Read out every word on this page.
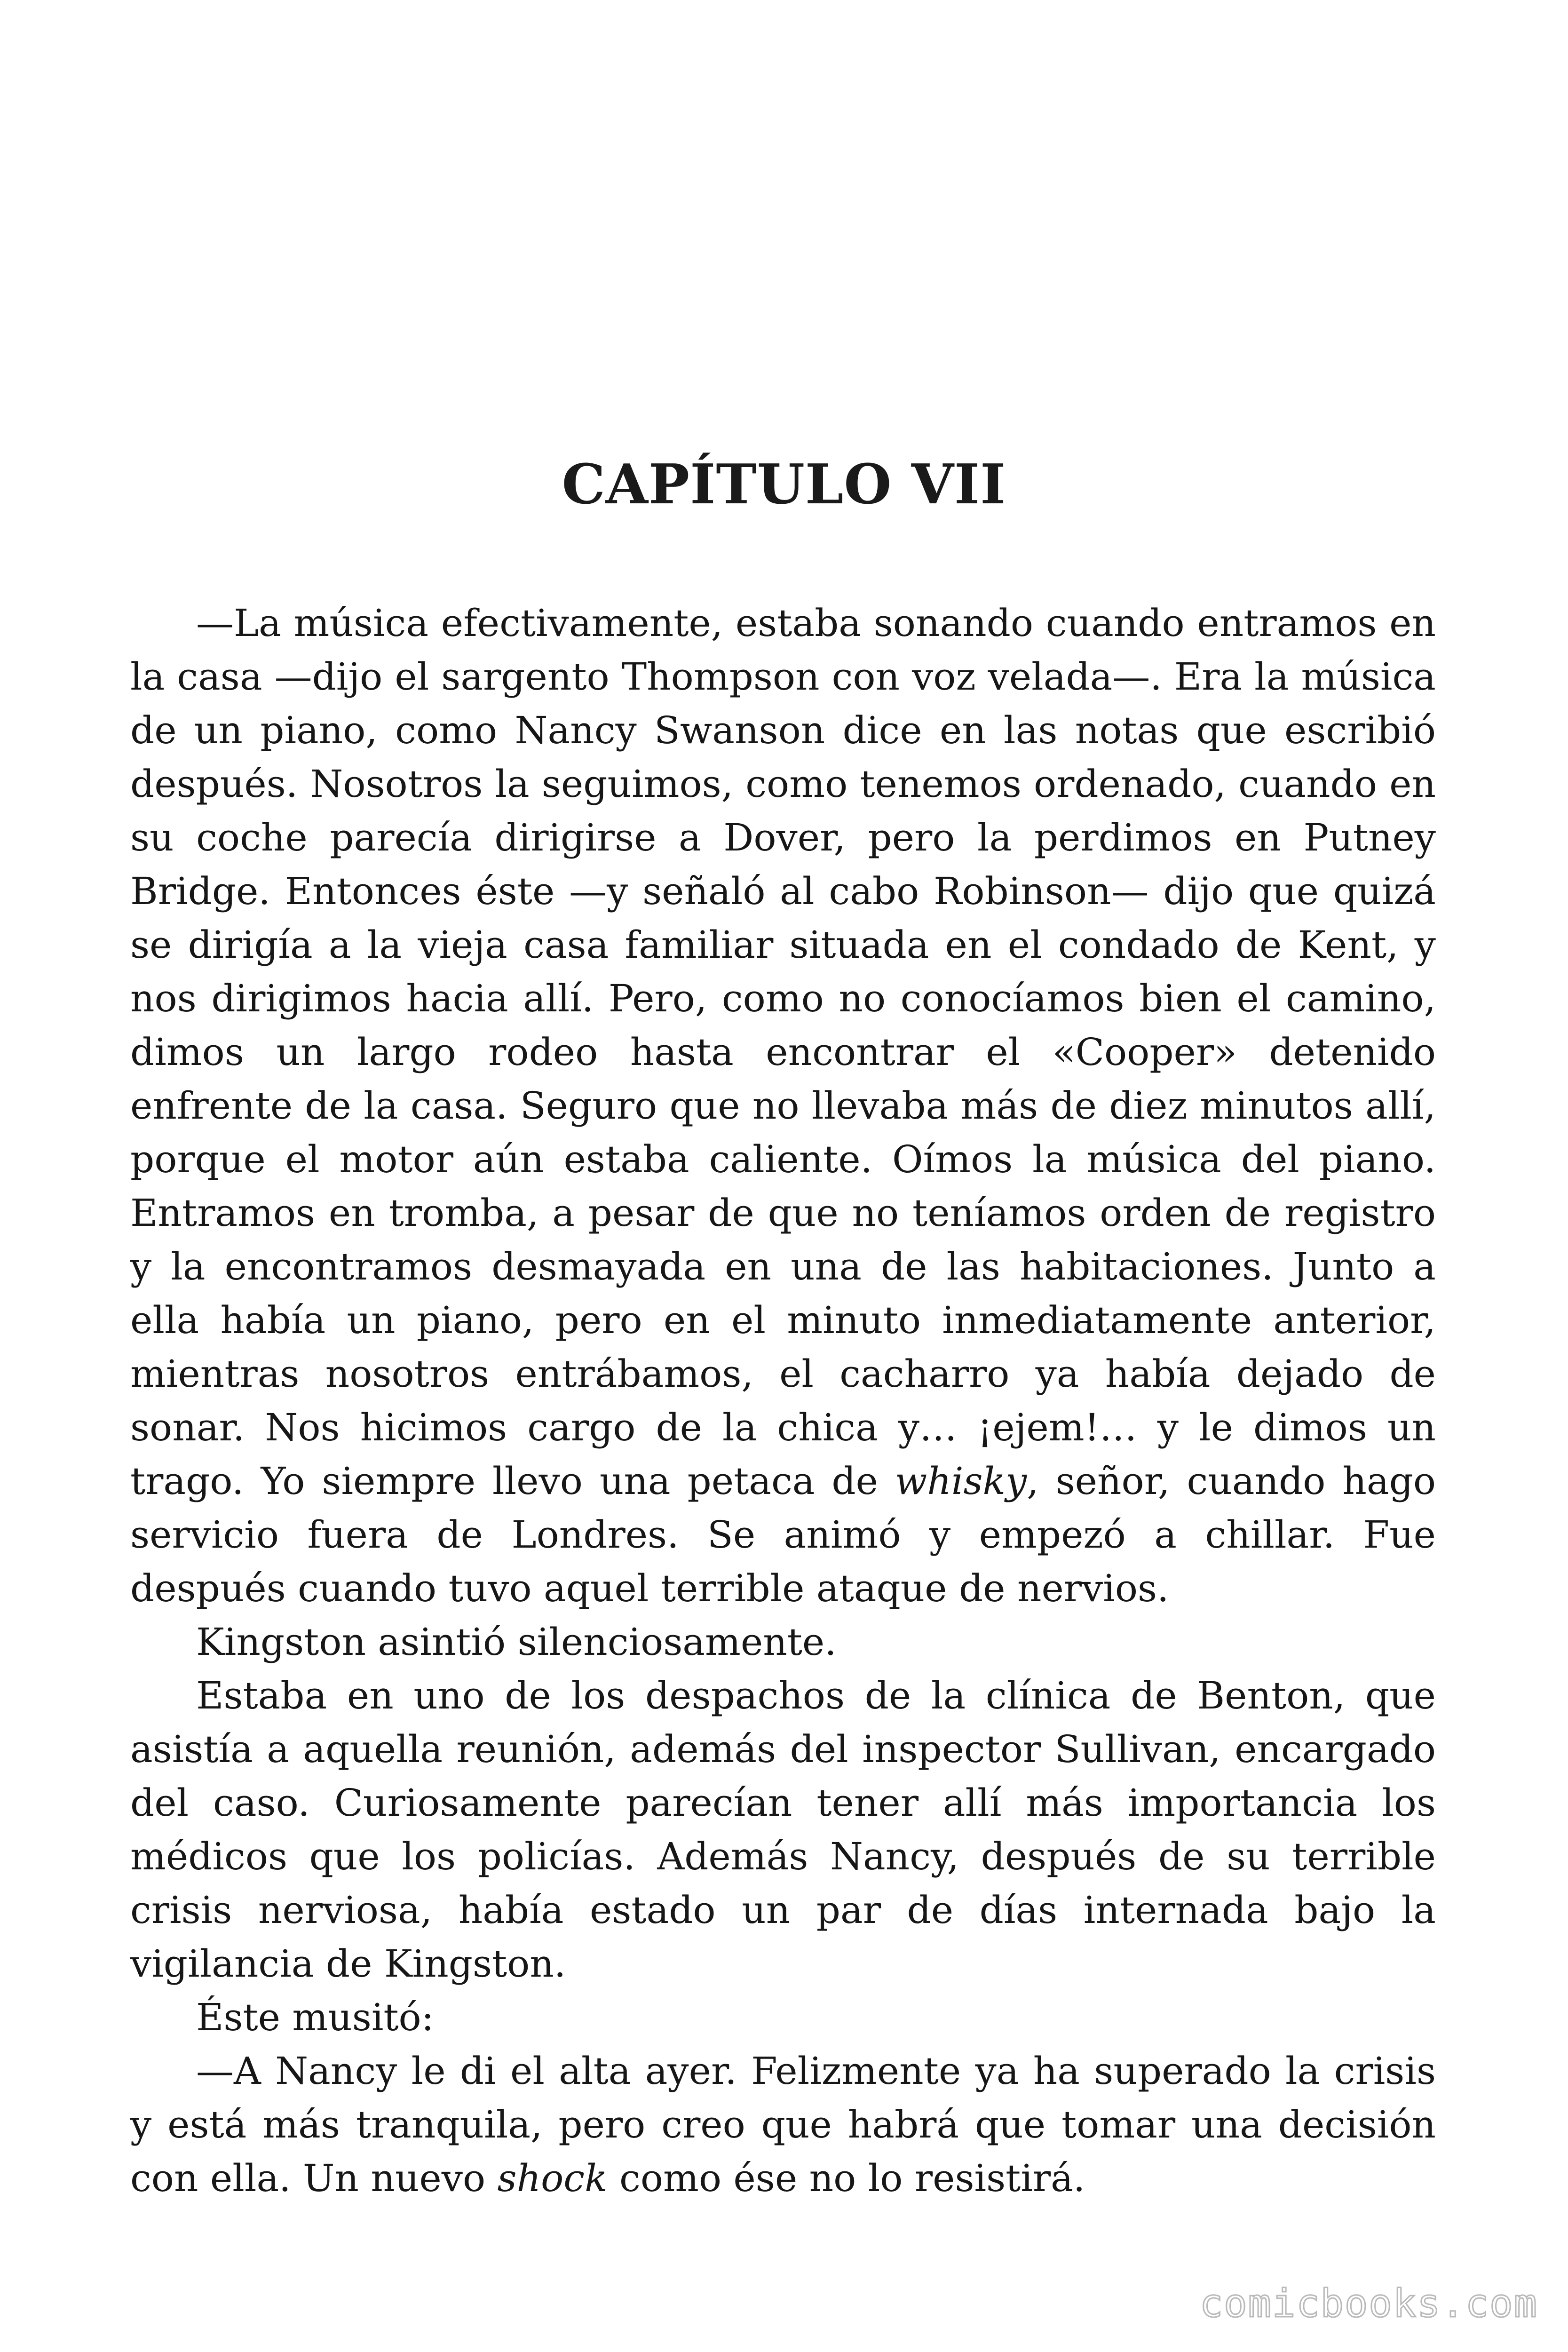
CAPÍTULO VII

—La música efectivamente, estaba sonando cuando entramos en la casa —dijo el sargento Thompson con voz velada—. Era la música de un piano, como Nancy Swanson dice en las notas que escribió después. Nosotros la seguimos, como tenemos ordenado, cuando en su coche parecía dirigirse a Dover, pero la perdimos en Putney Bridge. Entonces éste —y señaló al cabo Robinson— dijo que quizá se dirigía a la vieja casa familiar situada en el condado de Kent, y nos dirigimos hacia allí. Pero, como no conocíamos bien el camino, dimos un largo rodeo hasta encontrar el «Cooper» detenido enfrente de la casa. Seguro que no llevaba más de diez minutos allí, porque el motor aún estaba caliente. Oímos la música del piano. Entramos en tromba, a pesar de que no teníamos orden de registro y la encontramos desmayada en una de las habitaciones. Junto a ella había un piano, pero en el minuto inmediatamente anterior, mientras nosotros entrábamos, el cacharro ya había dejado de sonar. Nos hicimos cargo de la chica y… ¡ejem!… y le dimos un trago. Yo siempre llevo una petaca de whisky, señor, cuando hago servicio fuera de Londres. Se animó y empezó a chillar. Fue después cuando tuvo aquel terrible ataque de nervios.

Kingston asintió silenciosamente.

Estaba en uno de los despachos de la clínica de Benton, que asistía a aquella reunión, además del inspector Sullivan, encargado del caso. Curiosamente parecían tener allí más importancia los médicos que los policías. Además Nancy, después de su terrible crisis nerviosa, había estado un par de días internada bajo la vigilancia de Kingston.

Éste musitó:

—A Nancy le di el alta ayer. Felizmente ya ha superado la crisis y está más tranquila, pero creo que habrá que tomar una decisión con ella. Un nuevo shock como ése no lo resistirá.

comicbooks.com
